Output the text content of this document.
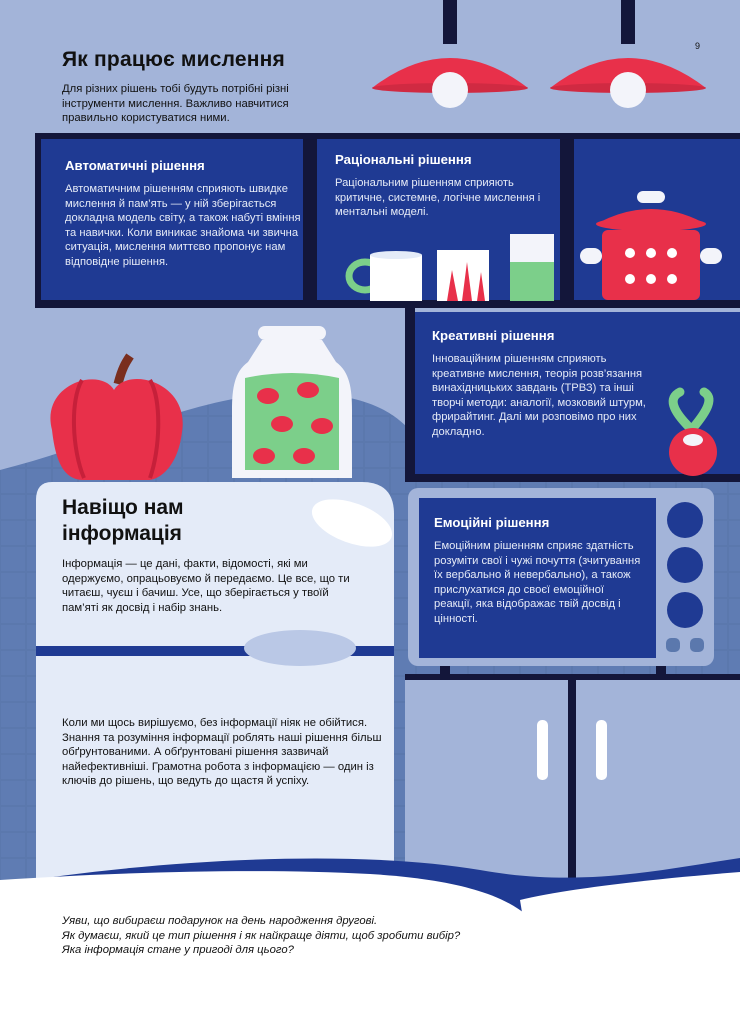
9
Як працює мислення
Для різних рішень тобі будуть потрібні різні інструменти мислення. Важливо навчитися правильно користуватися ними.
Автоматичні рішення
Автоматичним рішенням сприяють швидке мислення й пам’ять — у ній зберігається докладна модель світу, а також набуті вміння та навички. Коли виникає знайома чи звична ситуація, мислення миттєво пропонує нам відповідне рішення.
Раціональні рішення
Раціональним рішенням сприяють критичне, системне, логічне мислення і ментальні моделі.
Креативні рішення
Інноваційним рішенням сприяють креативне мислення, теорія розв’язання винахідницьких завдань (ТРВЗ) та інші творчі методи: аналогії, мозковий штурм, фрирайтинг. Далі ми розповімо про них докладно.
Емоційні рішення
Емоційним рішенням сприяє здатність розуміти свої і чужі почуття (зчитування їх вербально й невербально), а також прислухатися до своєї емоційної реакції, яка відображає твій досвід і цінності.
Навіщо нам інформація
Інформація — це дані, факти, відомості, які ми одержуємо, опрацьовуємо й передаємо. Це все, що ти читаєш, чуєш і бачиш. Усе, що зберігається у твоїй пам’яті як досвід і набір знань.
Коли ми щось вирішуємо, без інформації ніяк не обійтися. Знання та розуміння інформації роблять наші рішення більш обґрунтованими. А обґрунтовані рішення зазвичай найефективніші. Грамотна робота з інформацією — один із ключів до рішень, що ведуть до щастя й успіху.
Уяви, що вибираєш подарунок на день народження другові.
Як думаєш, який це тип рішення і як найкраще діяти, щоб зробити вибір?
Яка інформація стане у пригоді для цього?
